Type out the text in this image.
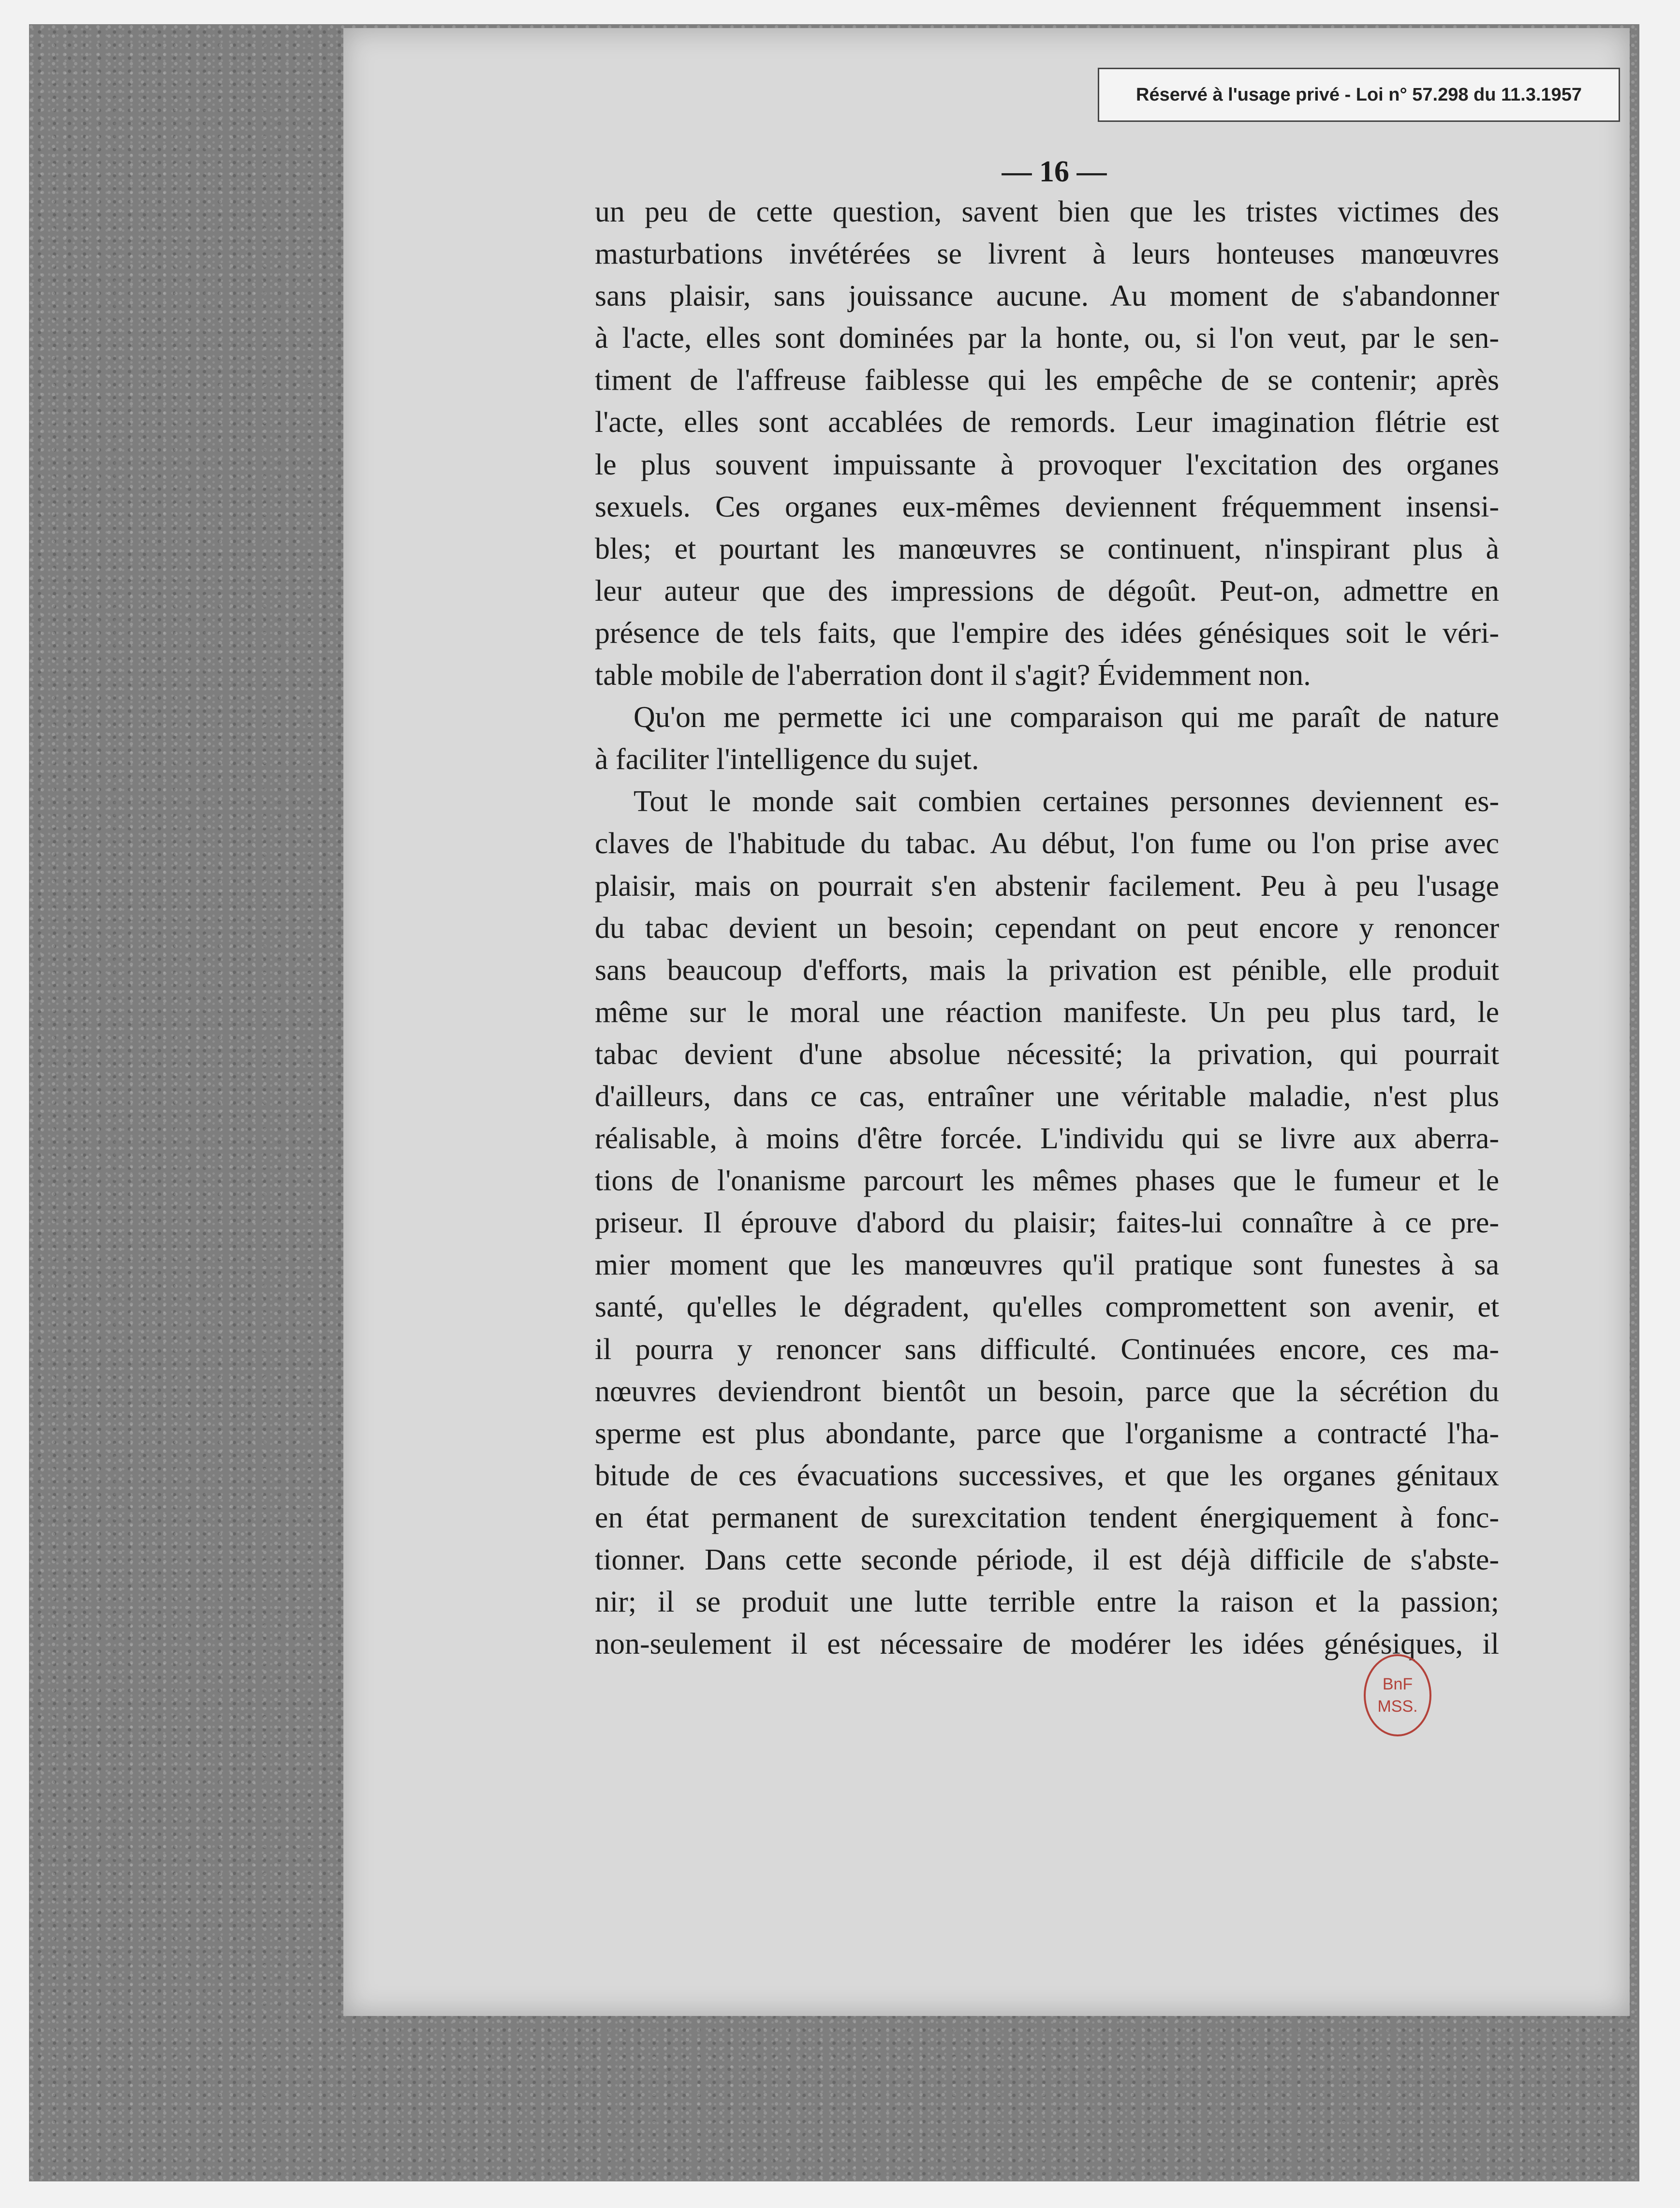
Réservé à l'usage privé - Loi n° 57.298 du 11.3.1957
— 16 —
un peu de cette question, savent bien que les tristes victimes des
masturbations invétérées se livrent à leurs honteuses manœuvres
sans plaisir, sans jouissance aucune. Au moment de s'abandonner
à l'acte, elles sont dominées par la honte, ou, si l'on veut, par le sen-
timent de l'affreuse faiblesse qui les empêche de se contenir; après
l'acte, elles sont accablées de remords. Leur imagination flétrie est
le plus souvent impuissante à provoquer l'excitation des organes
sexuels. Ces organes eux-mêmes deviennent fréquemment insensi-
bles; et pourtant les manœuvres se continuent, n'inspirant plus à
leur auteur que des impressions de dégoût. Peut-on, admettre en
présence de tels faits, que l'empire des idées génésiques soit le véri-
table mobile de l'aberration dont il s'agit? Évidemment non.
Qu'on me permette ici une comparaison qui me paraît de nature
à faciliter l'intelligence du sujet.
Tout le monde sait combien certaines personnes deviennent es-
claves de l'habitude du tabac. Au début, l'on fume ou l'on prise avec
plaisir, mais on pourrait s'en abstenir facilement. Peu à peu l'usage
du tabac devient un besoin; cependant on peut encore y renoncer
sans beaucoup d'efforts, mais la privation est pénible, elle produit
même sur le moral une réaction manifeste. Un peu plus tard, le
tabac devient d'une absolue nécessité; la privation, qui pourrait
d'ailleurs, dans ce cas, entraîner une véritable maladie, n'est plus
réalisable, à moins d'être forcée. L'individu qui se livre aux aberra-
tions de l'onanisme parcourt les mêmes phases que le fumeur et le
priseur. Il éprouve d'abord du plaisir; faites-lui connaître à ce pre-
mier moment que les manœuvres qu'il pratique sont funestes à sa
santé, qu'elles le dégradent, qu'elles compromettent son avenir, et
il pourra y renoncer sans difficulté. Continuées encore, ces ma-
nœuvres deviendront bientôt un besoin, parce que la sécrétion du
sperme est plus abondante, parce que l'organisme a contracté l'ha-
bitude de ces évacuations successives, et que les organes génitaux
en état permanent de surexcitation tendent énergiquement à fonc-
tionner. Dans cette seconde période, il est déjà difficile de s'abste-
nir; il se produit une lutte terrible entre la raison et la passion;
non-seulement il est nécessaire de modérer les idées génésiques, il
BnF
MSS.
